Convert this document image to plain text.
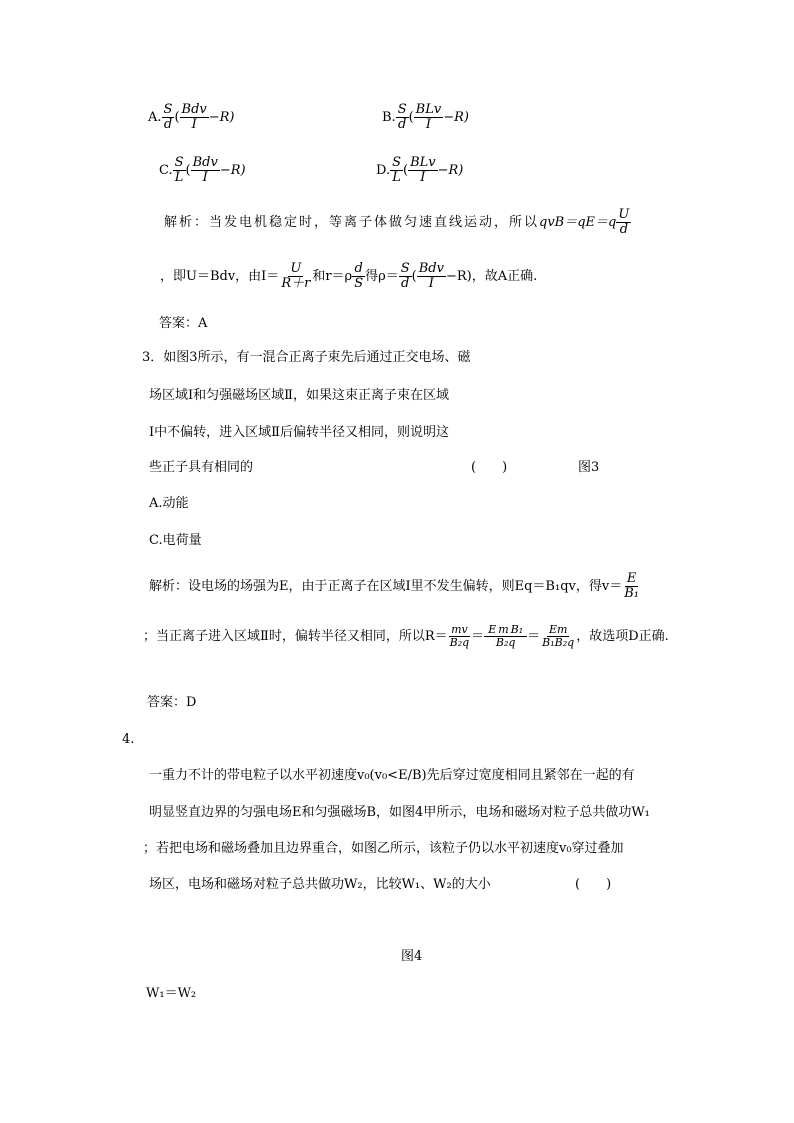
A. $\frac{S}{d}$ ( $\frac{\text{Bdv}}{I} -R$)	B. $\frac{S}{d}$ ( $\frac{\text{BLv}}{I} -R$)
C. $\frac{S}{L}$ ( $\frac{\text{Bdv}}{I} -R$)	D. $\frac{S}{L}$ ( $\frac{\text{BLv}}{I} -R$)
解析：当发电机稳定时，等离子体做匀速直线运动，所以$qvB=qE=q \frac{U}{d}$
，即U＝Bdv，由$I= \frac{U}{R+r}$ 和$r=\rho \frac{d}{S}$ 得$\rho= \frac{S}{d}$ ( $\frac{\text{Bdv}}{I} -R$)，故A正确.
答案：A
3．如图3所示，有一混合正离子束先后通过正交电场、磁
场区域Ⅰ和匀强磁场区域Ⅱ，如果这束正离子束在区域
Ⅰ中不偏转，进入区域Ⅱ后偏转半径又相同，则说明这
些正子具有相同的	(　　)	图3
A.动能
C.电荷量
解析：设电场的场强为E，由于正离子在区域Ⅰ里不发生偏转，则Eq＝B₁qv，得$v= \frac{E}{\text{B₁}}$
；当正离子进入区域Ⅱ时，偏转半径又相同，所以$R= \frac{mv}{\text{B₂q}} = \frac{\text{E m B₁}}{\text{B₂q}} = \frac{Em}{\text{B₁B₂q}}$ ，故选项D正确.
答案：D
4.
一重力不计的带电粒子以水平初速度v₀(v₀<E/B)先后穿过宽度相同且紧邻在一起的有
明显竖直边界的匀强电场E和匀强磁场B，如图4甲所示，电场和磁场对粒子总共做功W₁
；若把电场和磁场叠加且边界重合，如图乙所示，该粒子仍以水平初速度v₀穿过叠加
场区，电场和磁场对粒子总共做功W₂，比较W₁、W₂的大小	(　　)
图4
W₁＝W₂
